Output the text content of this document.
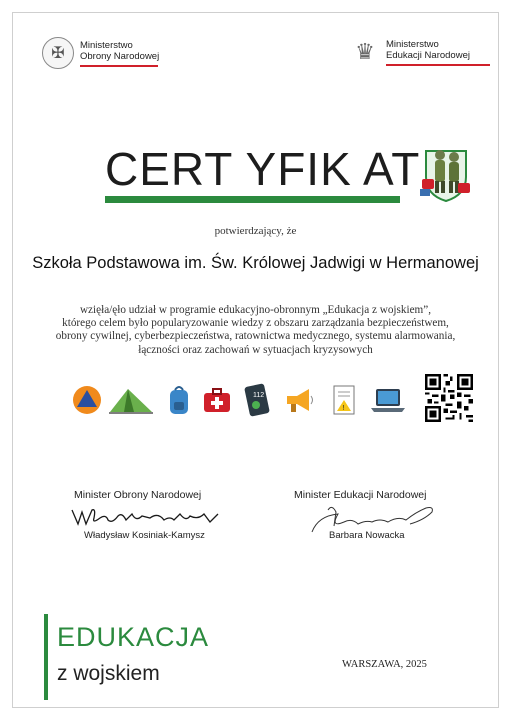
✠	Ministerstwo
Obrony Narodowej	♛	Ministerstwo
Edukacji Narodowej
CERT YFIK AT
potwierdzający, że
Szkoła Podstawowa im. Św. Królowej Jadwigi w Hermanowej
wzięła/ęło udział w programie edukacyjno-obronnym „Edukacja z wojskiem”,
którego celem było popularyzowanie wiedzy z obszaru zarządzania bezpieczeństwem,
obrony cywilnej, cyberbezpieczeństwa, ratownictwa medycznego, systemu alarmowania,
łączności oraz zachowań w sytuacjach kryzysowych
112
!
Minister Obrony Narodowej
Władysław Kosiniak-Kamysz
Minister Edukacji Narodowej
Barbara Nowacka
EDUKACJA
z wojskiem	WARSZAWA, 2025
